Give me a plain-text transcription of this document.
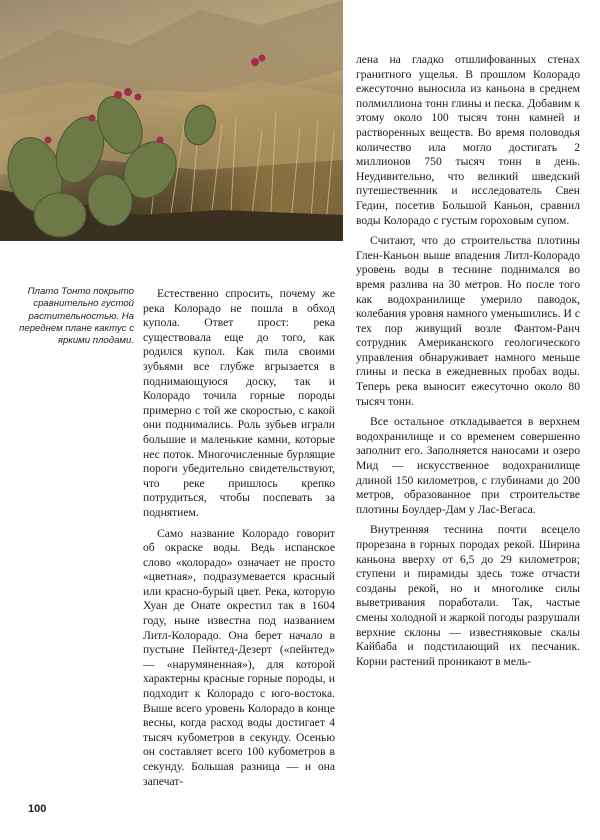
Плато Тонто покрыто сравнительно густой растительностью. На переднем плане кактус с яркими плодами.

Естественно спросить, почему же река Колорадо не пошла в обход купола. Ответ прост: река существовала еще до того, как родился купол. Как пила своими зубьями все глубже вгрызается в поднимающуюся доску, так и Колорадо точила горные породы примерно с той же скоростью, с какой они поднимались. Роль зубьев играли большие и маленькие камни, которые нес поток. Многочисленные бурлящие пороги убедительно свидетельствуют, что реке пришлось крепко потрудиться, чтобы поспевать за поднятием.

Само название Колорадо говорит об окраске воды. Ведь испанское слово «колорадо» означает не просто «цветная», подразумевается красный или красно-бурый цвет. Река, которую Хуан де Онате окрестил так в 1604 году, ныне известна под названием Литл-Колорадо. Она берет начало в пустыне Пейнтед-Дезерт («пейнтед» — «нарумяненная»), для которой характерны красные горные породы, и подходит к Колорадо с юго-востока. Выше всего уровень Колорадо в конце весны, когда расход воды достигает 4 тысяч кубометров в секунду. Осенью он составляет всего 100 кубометров в секунду. Большая разница — и она запечат-

лена на гладко отшлифованных стенах гранитного ущелья. В прошлом Колорадо ежесуточно выносила из каньона в среднем полмиллиона тонн глины и песка. Добавим к этому около 100 тысяч тонн камней и растворенных веществ. Во время половодья количество ила могло достигать 2 миллионов 750 тысяч тонн в день. Неудивительно, что великий шведский путешественник и исследователь Свен Гедин, посетив Большой Каньон, сравнил воды Колорадо с густым гороховым супом.

Считают, что до строительства плотины Глен-Каньон выше впадения Литл-Колорадо уровень воды в теснине поднимался во время разлива на 30 метров. Но после того как водохранилище умерило паводок, колебания уровня намного уменьшились. И с тех пор живущий возле Фантом-Ранч сотрудник Американского геологического управления обнаруживает намного меньше глины и песка в ежедневных пробах воды. Теперь река выносит ежесуточно около 80 тысяч тонн.

Все остальное откладывается в верхнем водохранилище и со временем совершенно заполнит его. Заполняется наносами и озеро Мид — искусственное водохранилище длиной 150 километров, с глубинами до 200 метров, образованное при строительстве плотины Боулдер-Дам у Лас-Вегаса.

Внутренняя теснина почти всецело прорезана в горных породах рекой. Ширина каньона вверху от 6,5 до 29 километров; ступени и пирамиды здесь тоже отчасти созданы рекой, но и многолике силы выветривания поработали. Так, частые смены холодной и жаркой погоды разрушали верхние склоны — известняковые скалы Кайбаба и подстилающий их песчаник. Корни растений проникают в мель-

100
